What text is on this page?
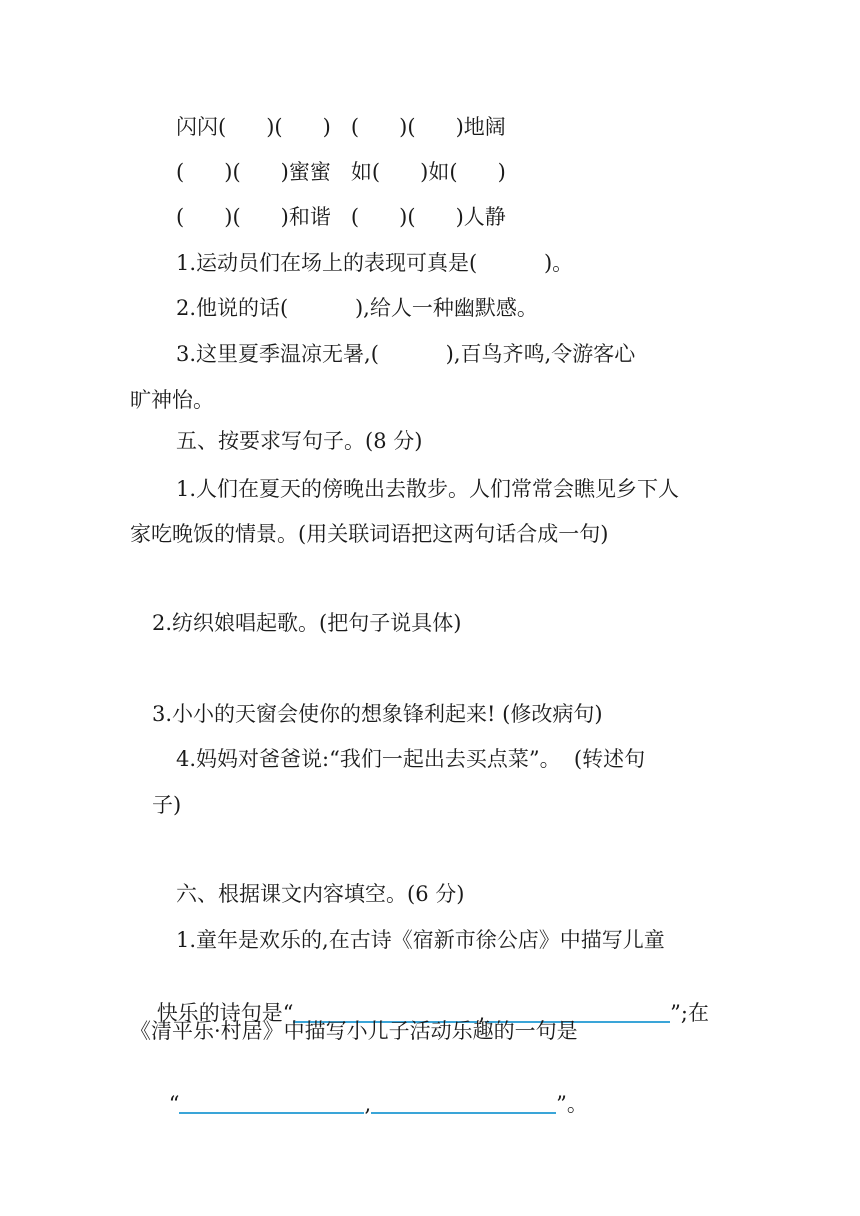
闪闪(      )(      )   (      )(      )地阔
(      )(      )蜜蜜   如(      )如(      )
(      )(      )和谐   (      )(      )人静
1.运动员们在场上的表现可真是(          )。
2.他说的话(          ),给人一种幽默感。
3.这里夏季温凉无暑,(          ),百鸟齐鸣,令游客心
旷神怡。
五、按要求写句子。(8 分)
1.人们在夏天的傍晚出去散步。人们常常会瞧见乡下人
家吃晚饭的情景。(用关联词语把这两句话合成一句)
2.纺织娘唱起歌。(把句子说具体)
3.小小的天窗会使你的想象锋利起来! (修改病句)
4.妈妈对爸爸说:“我们一起出去买点菜”。  (转述句
子)
六、根据课文内容填空。(6 分)
1.童年是欢乐的,在古诗《宿新市徐公店》中描写儿童

快乐的诗句是“	,	”;在

《清平乐·村居》中描写小儿子活动乐趣的一句是

“	,	”。
